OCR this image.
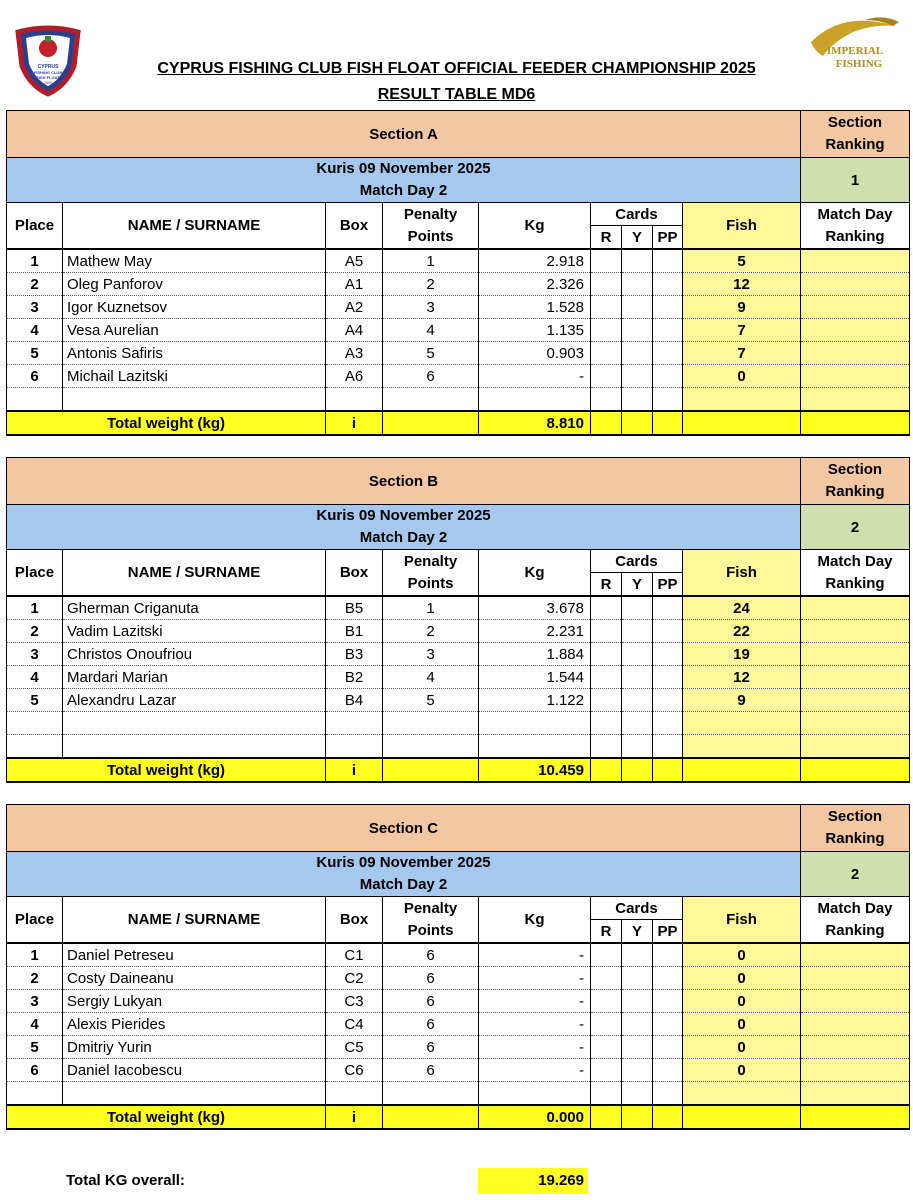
CYPRUS
FISHING CLUB
FISH FLOAT
2009
CYPRUS FISHING CLUB FISH FLOAT OFFICIAL FEEDER CHAMPIONSHIP 2025
RESULT TABLE MD6
IMPERIAL
FISHING
Section A									Section Ranking

Kuris 09 November 2025
Match Day 2									1
Place	NAME / SURNAME	Box	Penalty Points	Kg	Cards			Fish	Match Day Ranking
					R	Y	PP		
1	Mathew May	A5	1	2.918				5	
2	Oleg Panforov	A1	2	2.326				12	
3	Igor Kuznetsov	A2	3	1.528				9	
4	Vesa Aurelian	A4	4	1.135				7	
5	Antonis Safiris	A3	5	0.903				7	
6	Michail Lazitski	A6	6	-				0	

Total weight (kg)		i		8.810					
Section B									Section Ranking

Kuris 09 November 2025
Match Day 2									2
Place	NAME / SURNAME	Box	Penalty Points	Kg	Cards			Fish	Match Day Ranking
					R	Y	PP		
1	Gherman Criganuta	B5	1	3.678				24	
2	Vadim Lazitski	B1	2	2.231				22	
3	Christos Onoufriou	B3	3	1.884				19	
4	Mardari Marian	B2	4	1.544				12	
5	Alexandru Lazar	B4	5	1.122				9	

Total weight (kg)		i		10.459					
Section C									Section Ranking

Kuris 09 November 2025
Match Day 2									2
Place	NAME / SURNAME	Box	Penalty Points	Kg	Cards			Fish	Match Day Ranking
					R	Y	PP		
1	Daniel Petreseu	C1	6	-				0	
2	Costy Daineanu	C2	6	-				0	
3	Sergiy Lukyan	C3	6	-				0	
4	Alexis Pierides	C4	6	-				0	
5	Dmitriy Yurin	C5	6	-				0	
6	Daniel Iacobescu	C6	6	-				0	

Total weight (kg)		i		0.000					
Total KG overall:	19.269
